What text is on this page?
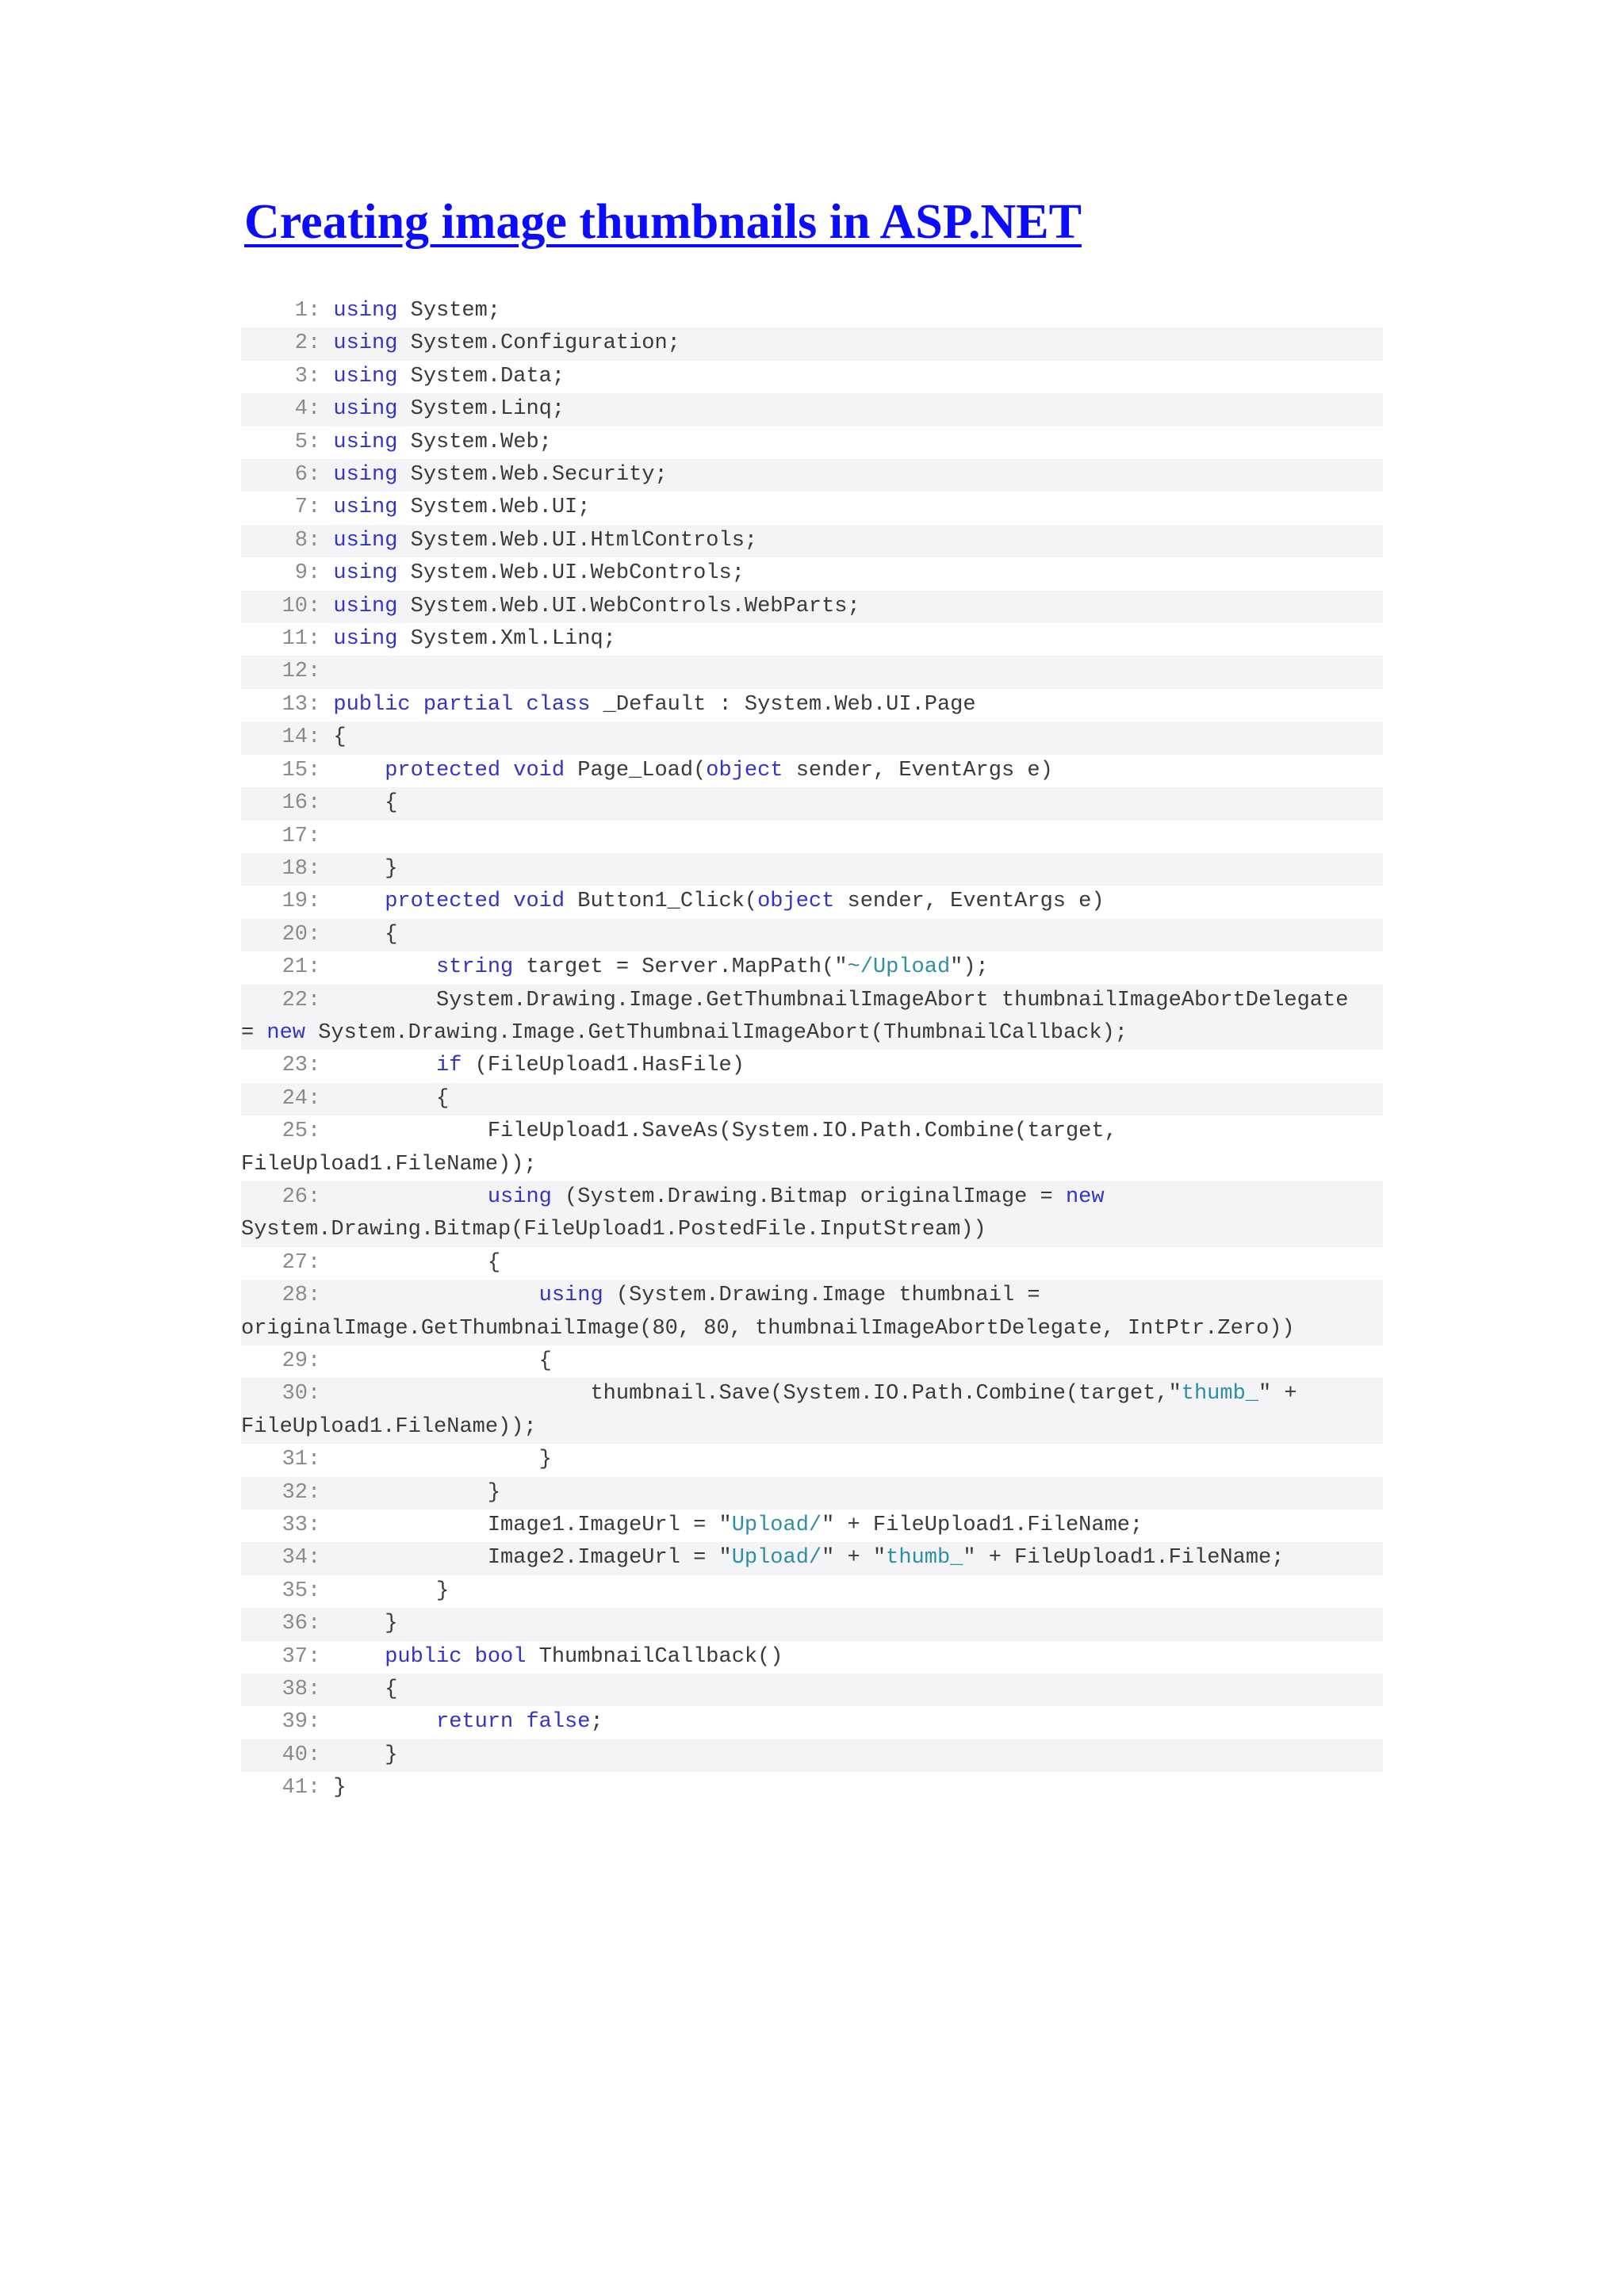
Creating image thumbnails in ASP.NET
1: using System;
2: using System.Configuration;
3: using System.Data;
4: using System.Linq;
5: using System.Web;
6: using System.Web.Security;
7: using System.Web.UI;
8: using System.Web.UI.HtmlControls;
9: using System.Web.UI.WebControls;
10: using System.Web.UI.WebControls.WebParts;
11: using System.Xml.Linq;
12:
13: public partial class _Default : System.Web.UI.Page
14: {
15:     protected void Page_Load(object sender, EventArgs e)
16:     {
17:
18:     }
19:     protected void Button1_Click(object sender, EventArgs e)
20:     {
21:	string target = Server.MapPath("~/Upload");
22:         System.Drawing.Image.GetThumbnailImageAbort thumbnailImageAbortDelegate
= new System.Drawing.Image.GetThumbnailImageAbort(ThumbnailCallback);
23:	if (FileUpload1.HasFile)
24:         {
25:             FileUpload1.SaveAs(System.IO.Path.Combine(target,
FileUpload1.FileName));
26:	using (System.Drawing.Bitmap originalImage = new
System.Drawing.Bitmap(FileUpload1.PostedFile.InputStream))
27:             {
28:	using (System.Drawing.Image thumbnail =
originalImage.GetThumbnailImage(80, 80, thumbnailImageAbortDelegate, IntPtr.Zero))
29:                 {
30:                     thumbnail.Save(System.IO.Path.Combine(target,"thumb_" +
FileUpload1.FileName));
31:                 }
32:             }
33:             Image1.ImageUrl = "Upload/" + FileUpload1.FileName;
34:             Image2.ImageUrl = "Upload/" + "thumb_" + FileUpload1.FileName;
35:         }
36:     }
37:     public bool ThumbnailCallback()
38:     {
39:	return false;
40:     }
41: }
